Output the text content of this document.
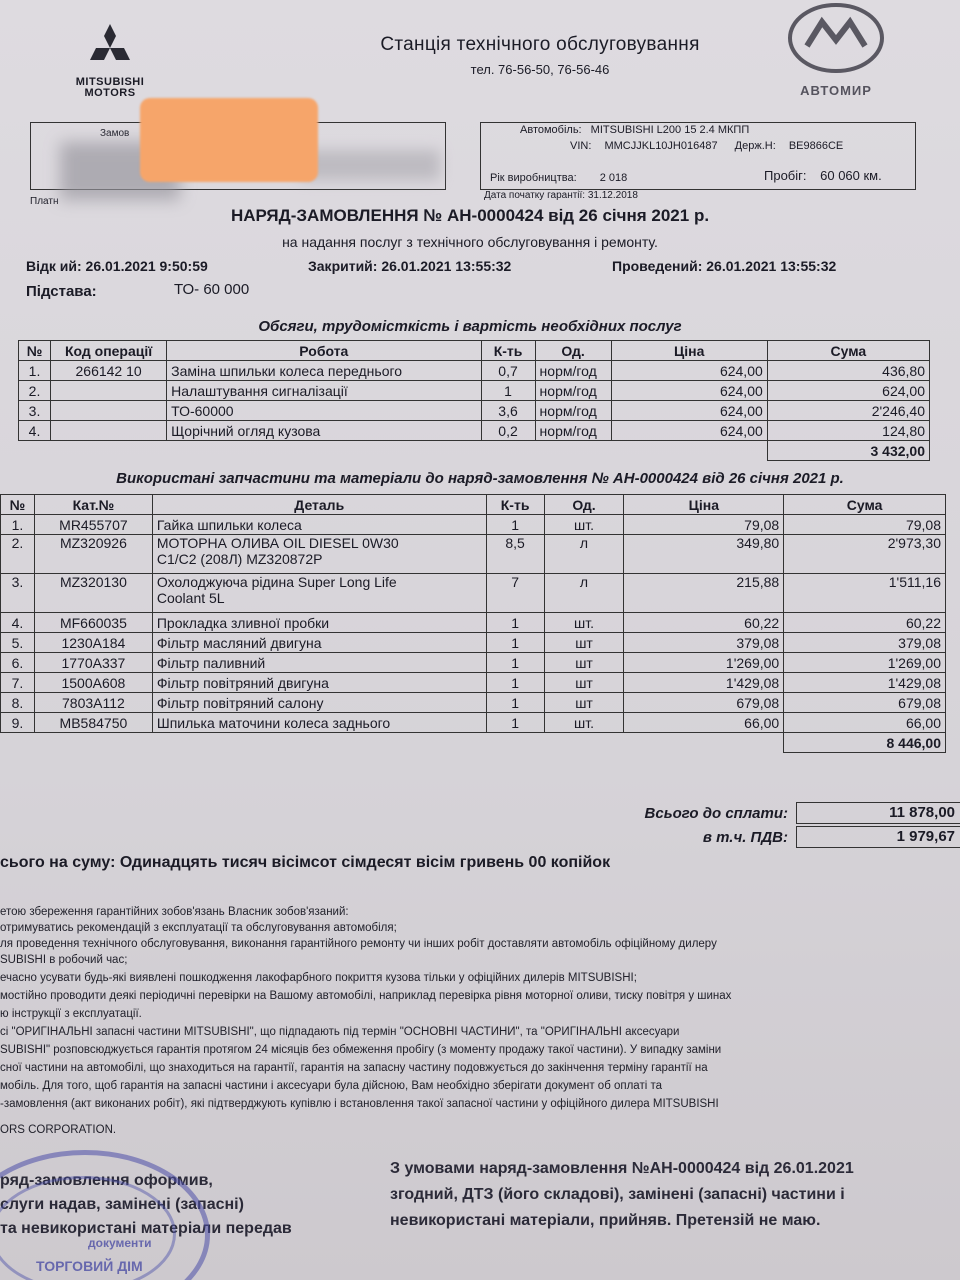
MITSUBISHI MOTORS
Станція технічного обслуговування
тел. 76-56-50, 76-56-46
АВТОМИР
Замов
Платн
Автомобіль: MITSUBISHI L200 15 2.4 МКПП
VIN: MMCJJKL10JH016487 Держ.Н: BE9866CE
Рік виробництва: 2 018	Пробіг: 60 060 км.
Дата початку гарантії: 31.12.2018
НАРЯД-ЗАМОВЛЕННЯ № АН-0000424 від 26 січня 2021 р.
на надання послуг з технічного обслуговування і ремонту.
Відк ий: 26.01.2021 9:50:59	Закритий: 26.01.2021 13:55:32	Проведений: 26.01.2021 13:55:32
Підстава:	ТО- 60 000
Обсяги, трудомісткість і вартість необхідних послуг
№	Код операції	Робота	К-ть	Од.	Ціна	Сума
1.	266142 10	Заміна шпильки колеса переднього	0,7	норм/год	624,00	436,80
2.		Налаштування сигналізації	1	норм/год	624,00	624,00
3.		ТО-60000	3,6	норм/год	624,00	2'246,40
4.		Щорічний огляд кузова	0,2	норм/год	624,00	124,80
						3 432,00
Використані запчастини та матеріали до наряд-замовлення № АН-0000424 від 26 січня 2021 р.
№	Кат.№	Деталь	К-ть	Од.	Ціна	Сума
1.	MR455707	Гайка шпильки колеса	1	шт.	79,08	79,08
2.	MZ320926	МОТОРНА ОЛИВА OIL DIESEL 0W30
C1/C2 (208Л) MZ320872P	8,5	л	349,80	2'973,30
3.	MZ320130	Охолоджуюча рідина Super Long Life
Coolant 5L	7	л	215,88	1'511,16
4.	MF660035	Прокладка зливної пробки	1	шт.	60,22	60,22
5.	1230A184	Фільтр масляний двигуна	1	шт	379,08	379,08
6.	1770A337	Фільтр паливний	1	шт	1'269,00	1'269,00
7.	1500A608	Фільтр повітряний двигуна	1	шт	1'429,08	1'429,08
8.	7803A112	Фільтр повітряний салону	1	шт	679,08	679,08
9.	MB584750	Шпилька маточини колеса заднього	1	шт.	66,00	66,00
						8 446,00
Всього до сплати:	11 878,00
в т.ч. ПДВ:	1 979,67
сього на суму: Одинадцять тисяч вісімсот сімдесят вісім гривень 00 копійок
етою збереження гарантійних зобов'язань Власник зобов'язаний:
отримуватись рекомендацій з експлуатації та обслуговування автомобіля;
ля проведення технічного обслуговування, виконання гарантійного ремонту чи інших робіт доставляти автомобіль офіційному дилеру
SUBISHI в робочий час;
ечасно усувати будь-які виявлені пошкодження лакофарбного покриття кузова тільки у офіційних дилерів MITSUBISHI;
мостійно проводити деякі періодичні перевірки на Вашому автомобілі, наприклад перевірка рівня моторної оливи, тиску повітря у шинах
ю інструкції з експлуатації.
сі "ОРИГІНАЛЬНІ запасні частини MITSUBISHI", що підпадають під термін "ОСНОВНІ ЧАСТИНИ", та "ОРИГІНАЛЬНІ аксесуари
SUBISHI" розповсюджується гарантія протягом 24 місяців без обмеження пробігу (з моменту продажу такої частини). У випадку заміни
сної частини на автомобілі, що знаходиться на гарантії, гарантія на запасну частину подовжується до закінчення терміну гарантії на
мобіль. Для того, щоб гарантія на запасні частини і аксесуари була дійсною, Вам необхідно зберігати документ об оплаті та
-замовлення (акт виконаних робіт), які підтверджують купівлю і встановлення такої запасної частини у офіційного дилера MITSUBISHI
ORS CORPORATION.
ряд-замовлення оформив,
слуги надав, замінені (запасні)
та невикористані матеріали передав
З умовами наряд-замовлення №АН-0000424 від 26.01.2021
згодний, ДТЗ (його складові), замінені (запасні) частини і
невикористані матеріали, прийняв. Претензій не маю.
документи
ТОРГОВИЙ ДІМ
